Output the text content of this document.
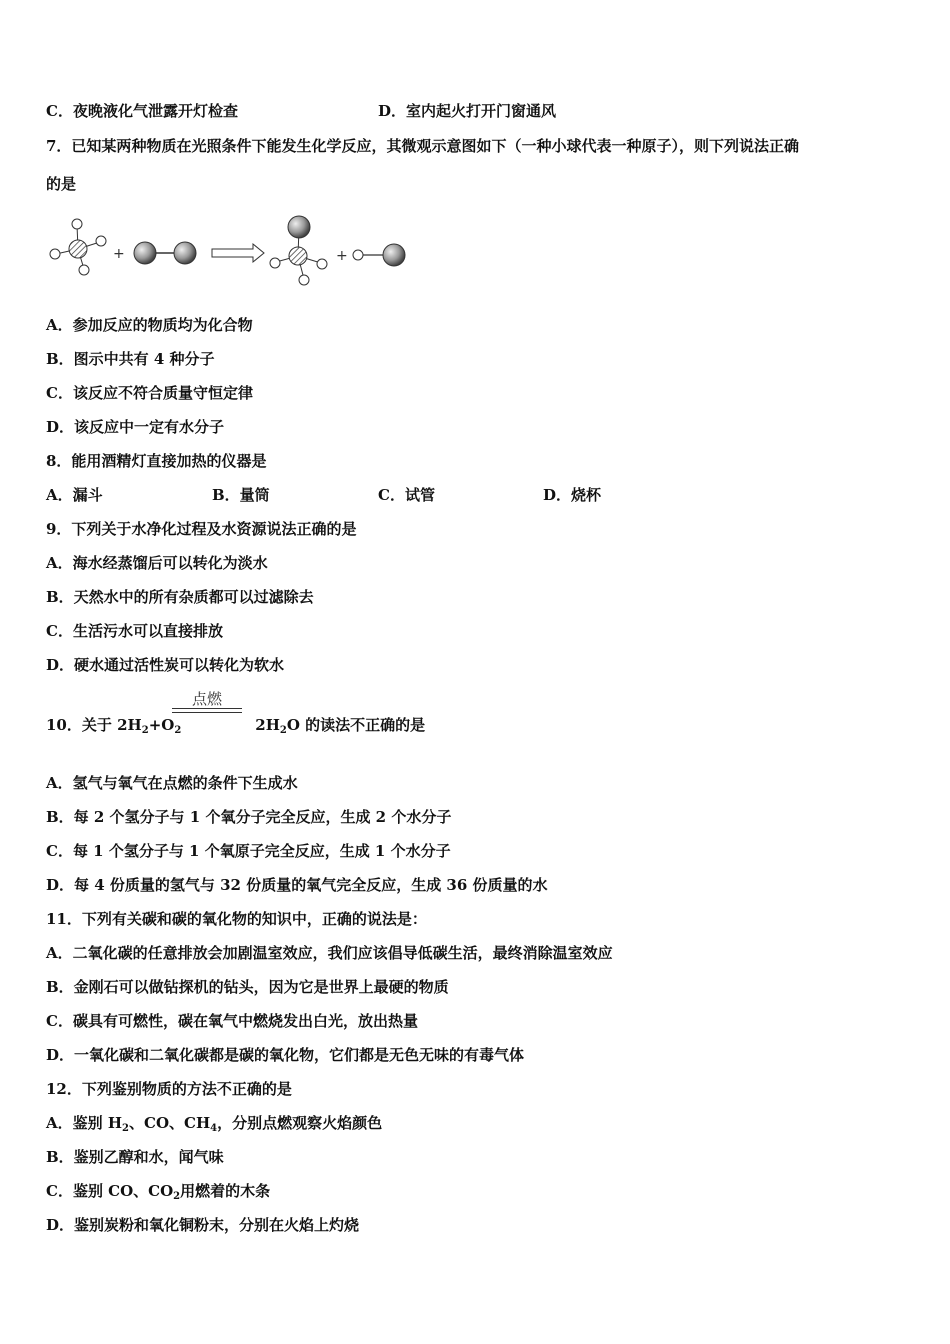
C．夜晚液化气泄露开灯检查	D．室内起火打开门窗通风
7．已知某两种物质在光照条件下能发生化学反应，其微观示意图如下（一种小球代表一种原子），则下列说法正确
的是
+	+
A．参加反应的物质均为化合物
B．图示中共有 4 种分子
C．该反应不符合质量守恒定律
D．该反应中一定有水分子
8．能用酒精灯直接加热的仪器是
A．漏斗	B．量筒	C．试管	D．烧杯
9．下列关于水净化过程及水资源说法正确的是
A．海水经蒸馏后可以转化为淡水
B．天然水中的所有杂质都可以过滤除去
C．生活污水可以直接排放
D．硬水通过活性炭可以转化为软水
10．关于 $2H_2+O_2$	$2H_2O$ 的读法不正确的是
点燃
A．氢气与氧气在点燃的条件下生成水
B．每 2 个氢分子与 1 个氧分子完全反应，生成 2 个水分子
C．每 1 个氢分子与 1 个氧原子完全反应，生成 1 个水分子
D．每 4 份质量的氢气与 32 份质量的氧气完全反应，生成 36 份质量的水
11．下列有关碳和碳的氧化物的知识中，正确的说法是：
A．二氧化碳的任意排放会加剧温室效应，我们应该倡导低碳生活，最终消除温室效应
B．金刚石可以做钻探机的钻头，因为它是世界上最硬的物质
C．碳具有可燃性，碳在氧气中燃烧发出白光，放出热量
D．一氧化碳和二氧化碳都是碳的氧化物，它们都是无色无味的有毒气体
12．下列鉴别物质的方法不正确的是
A．鉴别 $H_2$、CO、$CH_4$，分别点燃观察火焰颜色
B．鉴别乙醇和水，闻气味
C．鉴别 CO、$CO_2$用燃着的木条
D．鉴别炭粉和氧化铜粉末，分别在火焰上灼烧
